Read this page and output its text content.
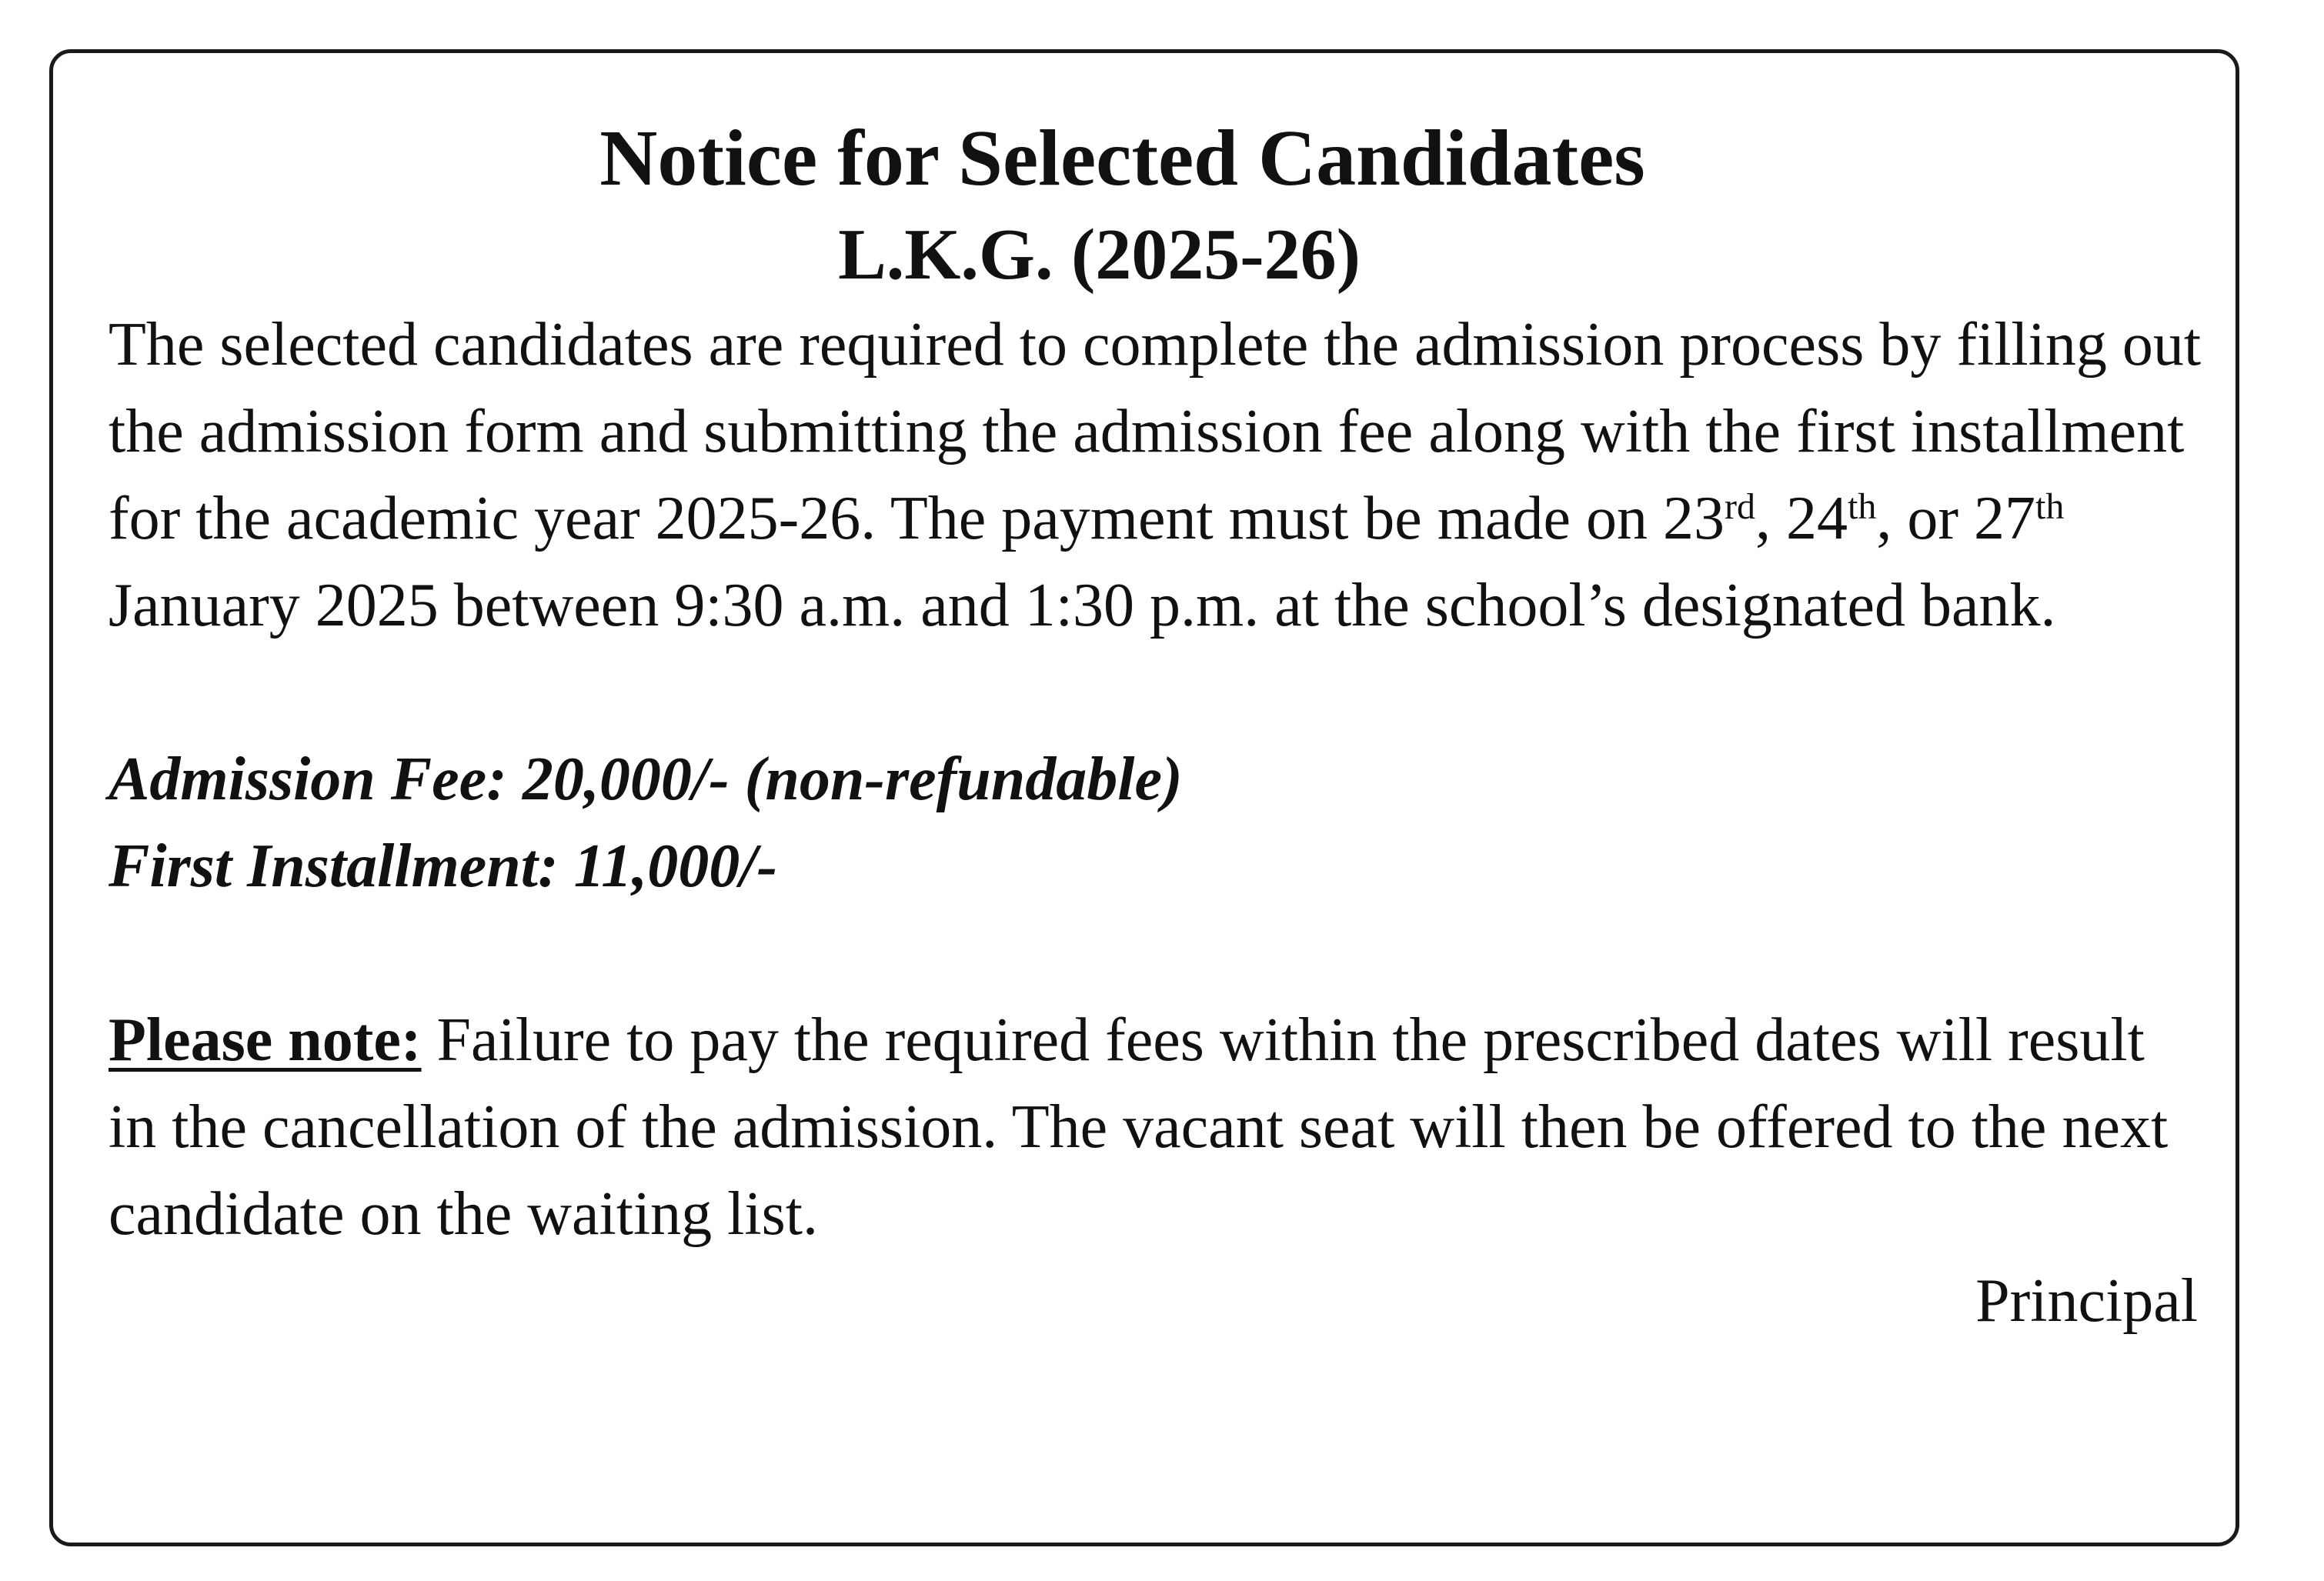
Notice for Selected Candidates
L.K.G. (2025-26)

The selected candidates are required to complete the admission process by filling out the admission form and submitting the admission fee along with the first installment for the academic year 2025-26. The payment must be made on 23rd, 24th, or 27th January 2025 between 9:30 a.m. and 1:30 p.m. at the school’s designated bank.

Admission Fee: 20,000/- (non-refundable)

First Installment: 11,000/-

Please note: Failure to pay the required fees within the prescribed dates will result in the cancellation of the admission. The vacant seat will then be offered to the next candidate on the waiting list.

Principal
